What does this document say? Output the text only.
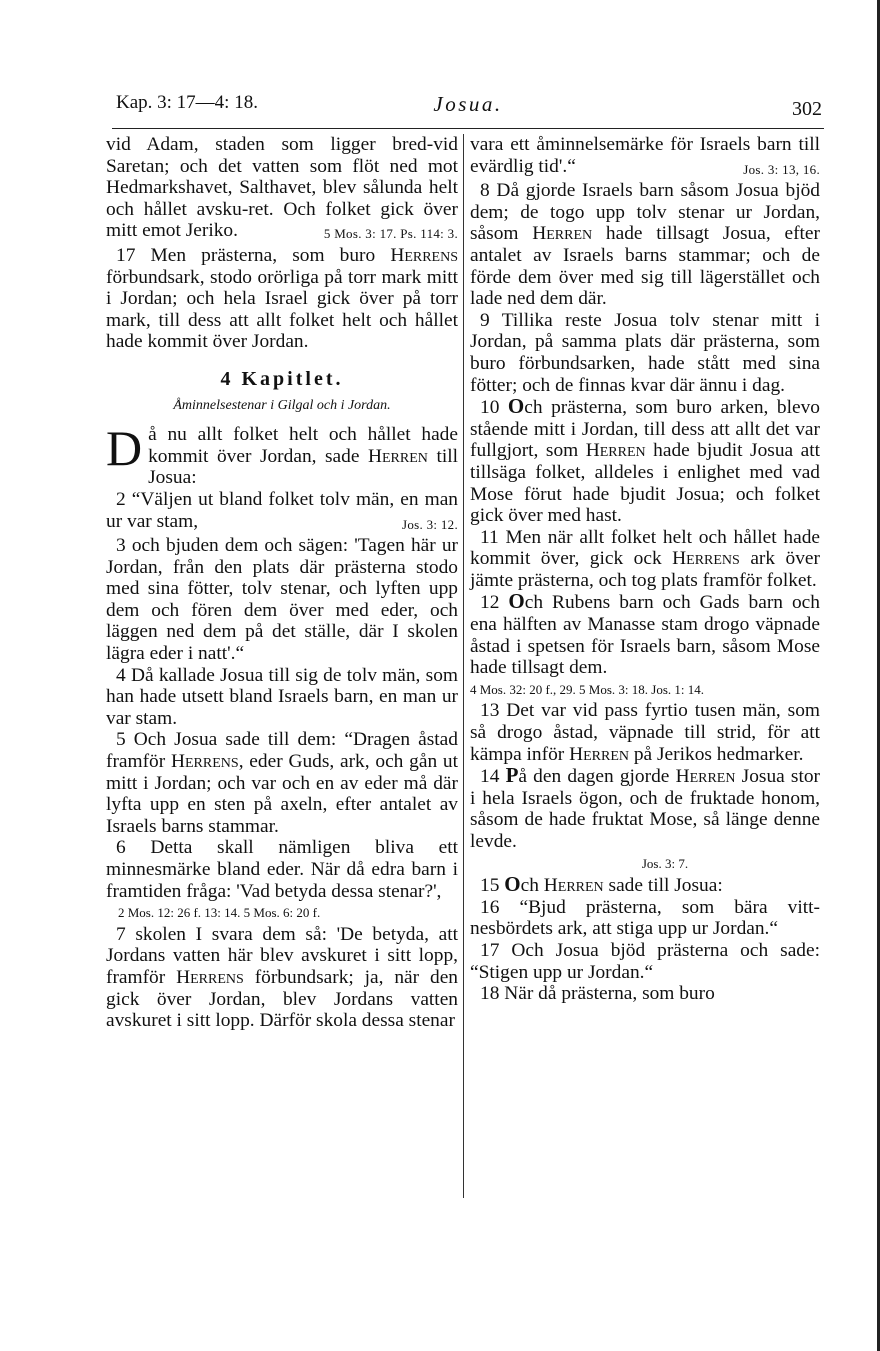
Kap. 3: 17—4: 18.	Josua.	302

vid Adam, staden som ligger bred-vid Saretan; och det vatten som flöt ned mot Hedmarkshavet, Salthavet, blev sålunda helt och hållet avsku-ret. Och folket gick över mitt emot Jeriko.	5 Mos. 3: 17. Ps. 114: 3.

17 Men prästerna, som buro Herrens förbundsark, stodo orörliga på torr mark mitt i Jordan; och hela Israel gick över på torr mark, till dess att allt folket helt och hållet hade kommit över Jordan.

4 Kapitlet.
Åminnelsestenar i Gilgal och i Jordan.

D å nu allt folket helt och hållet hade kommit över Jordan, sade Herren till Josua:

2 “Väljen ut bland folket tolv män, en man ur var stam,	Jos. 3: 12.

3 och bjuden dem och sägen: 'Tagen här ur Jordan, från den plats där prästerna stodo med sina fötter, tolv stenar, och lyften upp dem och fören dem över med eder, och läggen ned dem på det ställe, där I skolen lägra eder i natt'.“

4 Då kallade Josua till sig de tolv män, som han hade utsett bland Israels barn, en man ur var stam.

5 Och Josua sade till dem: “Dragen åstad framför Herrens, eder Guds, ark, och gån ut mitt i Jordan; och var och en av eder må där lyfta upp en sten på axeln, efter antalet av Israels barns stammar.

6 Detta skall nämligen bliva ett minnesmärke bland eder. När då edra barn i framtiden fråga: 'Vad betyda dessa stenar?',

2 Mos. 12: 26 f. 13: 14. 5 Mos. 6: 20 f.

7 skolen I svara dem så: 'De betyda, att Jordans vatten här blev avskuret i sitt lopp, framför Herrens förbundsark; ja, när den gick över Jordan, blev Jordans vatten avskuret i sitt lopp. Därför skola dessa stenar

vara ett åminnelsemärke för Israels barn till evärdlig tid'.“	Jos. 3: 13, 16.

8 Då gjorde Israels barn såsom Josua bjöd dem; de togo upp tolv stenar ur Jordan, såsom Herren hade tillsagt Josua, efter antalet av Israels barns stammar; och de förde dem över med sig till lägerstället och lade ned dem där.

9 Tillika reste Josua tolv stenar mitt i Jordan, på samma plats där prästerna, som buro förbundsarken, hade stått med sina fötter; och de finnas kvar där ännu i dag.

10 Och prästerna, som buro arken, blevo stående mitt i Jordan, till dess att allt det var fullgjort, som Herren hade bjudit Josua att tillsäga folket, alldeles i enlighet med vad Mose förut hade bjudit Josua; och folket gick över med hast.

11 Men när allt folket helt och hållet hade kommit över, gick ock Herrens ark över jämte prästerna, och tog plats framför folket.

12 Och Rubens barn och Gads barn och ena hälften av Manasse stam drogo väpnade åstad i spetsen för Israels barn, såsom Mose hade tillsagt dem.

4 Mos. 32: 20 f., 29. 5 Mos. 3: 18. Jos. 1: 14.

13 Det var vid pass fyrtio tusen män, som så drogo åstad, väpnade till strid, för att kämpa inför Herren på Jerikos hedmarker.

14 På den dagen gjorde Herren Josua stor i hela Israels ögon, och de fruktade honom, såsom de hade fruktat Mose, så länge denne levde.

Jos. 3: 7.

15 Och Herren sade till Josua:

16 “Bjud prästerna, som bära vitt-nesbördets ark, att stiga upp ur Jordan.“

17 Och Josua bjöd prästerna och sade: “Stigen upp ur Jordan.“

18 När då prästerna, som buro
